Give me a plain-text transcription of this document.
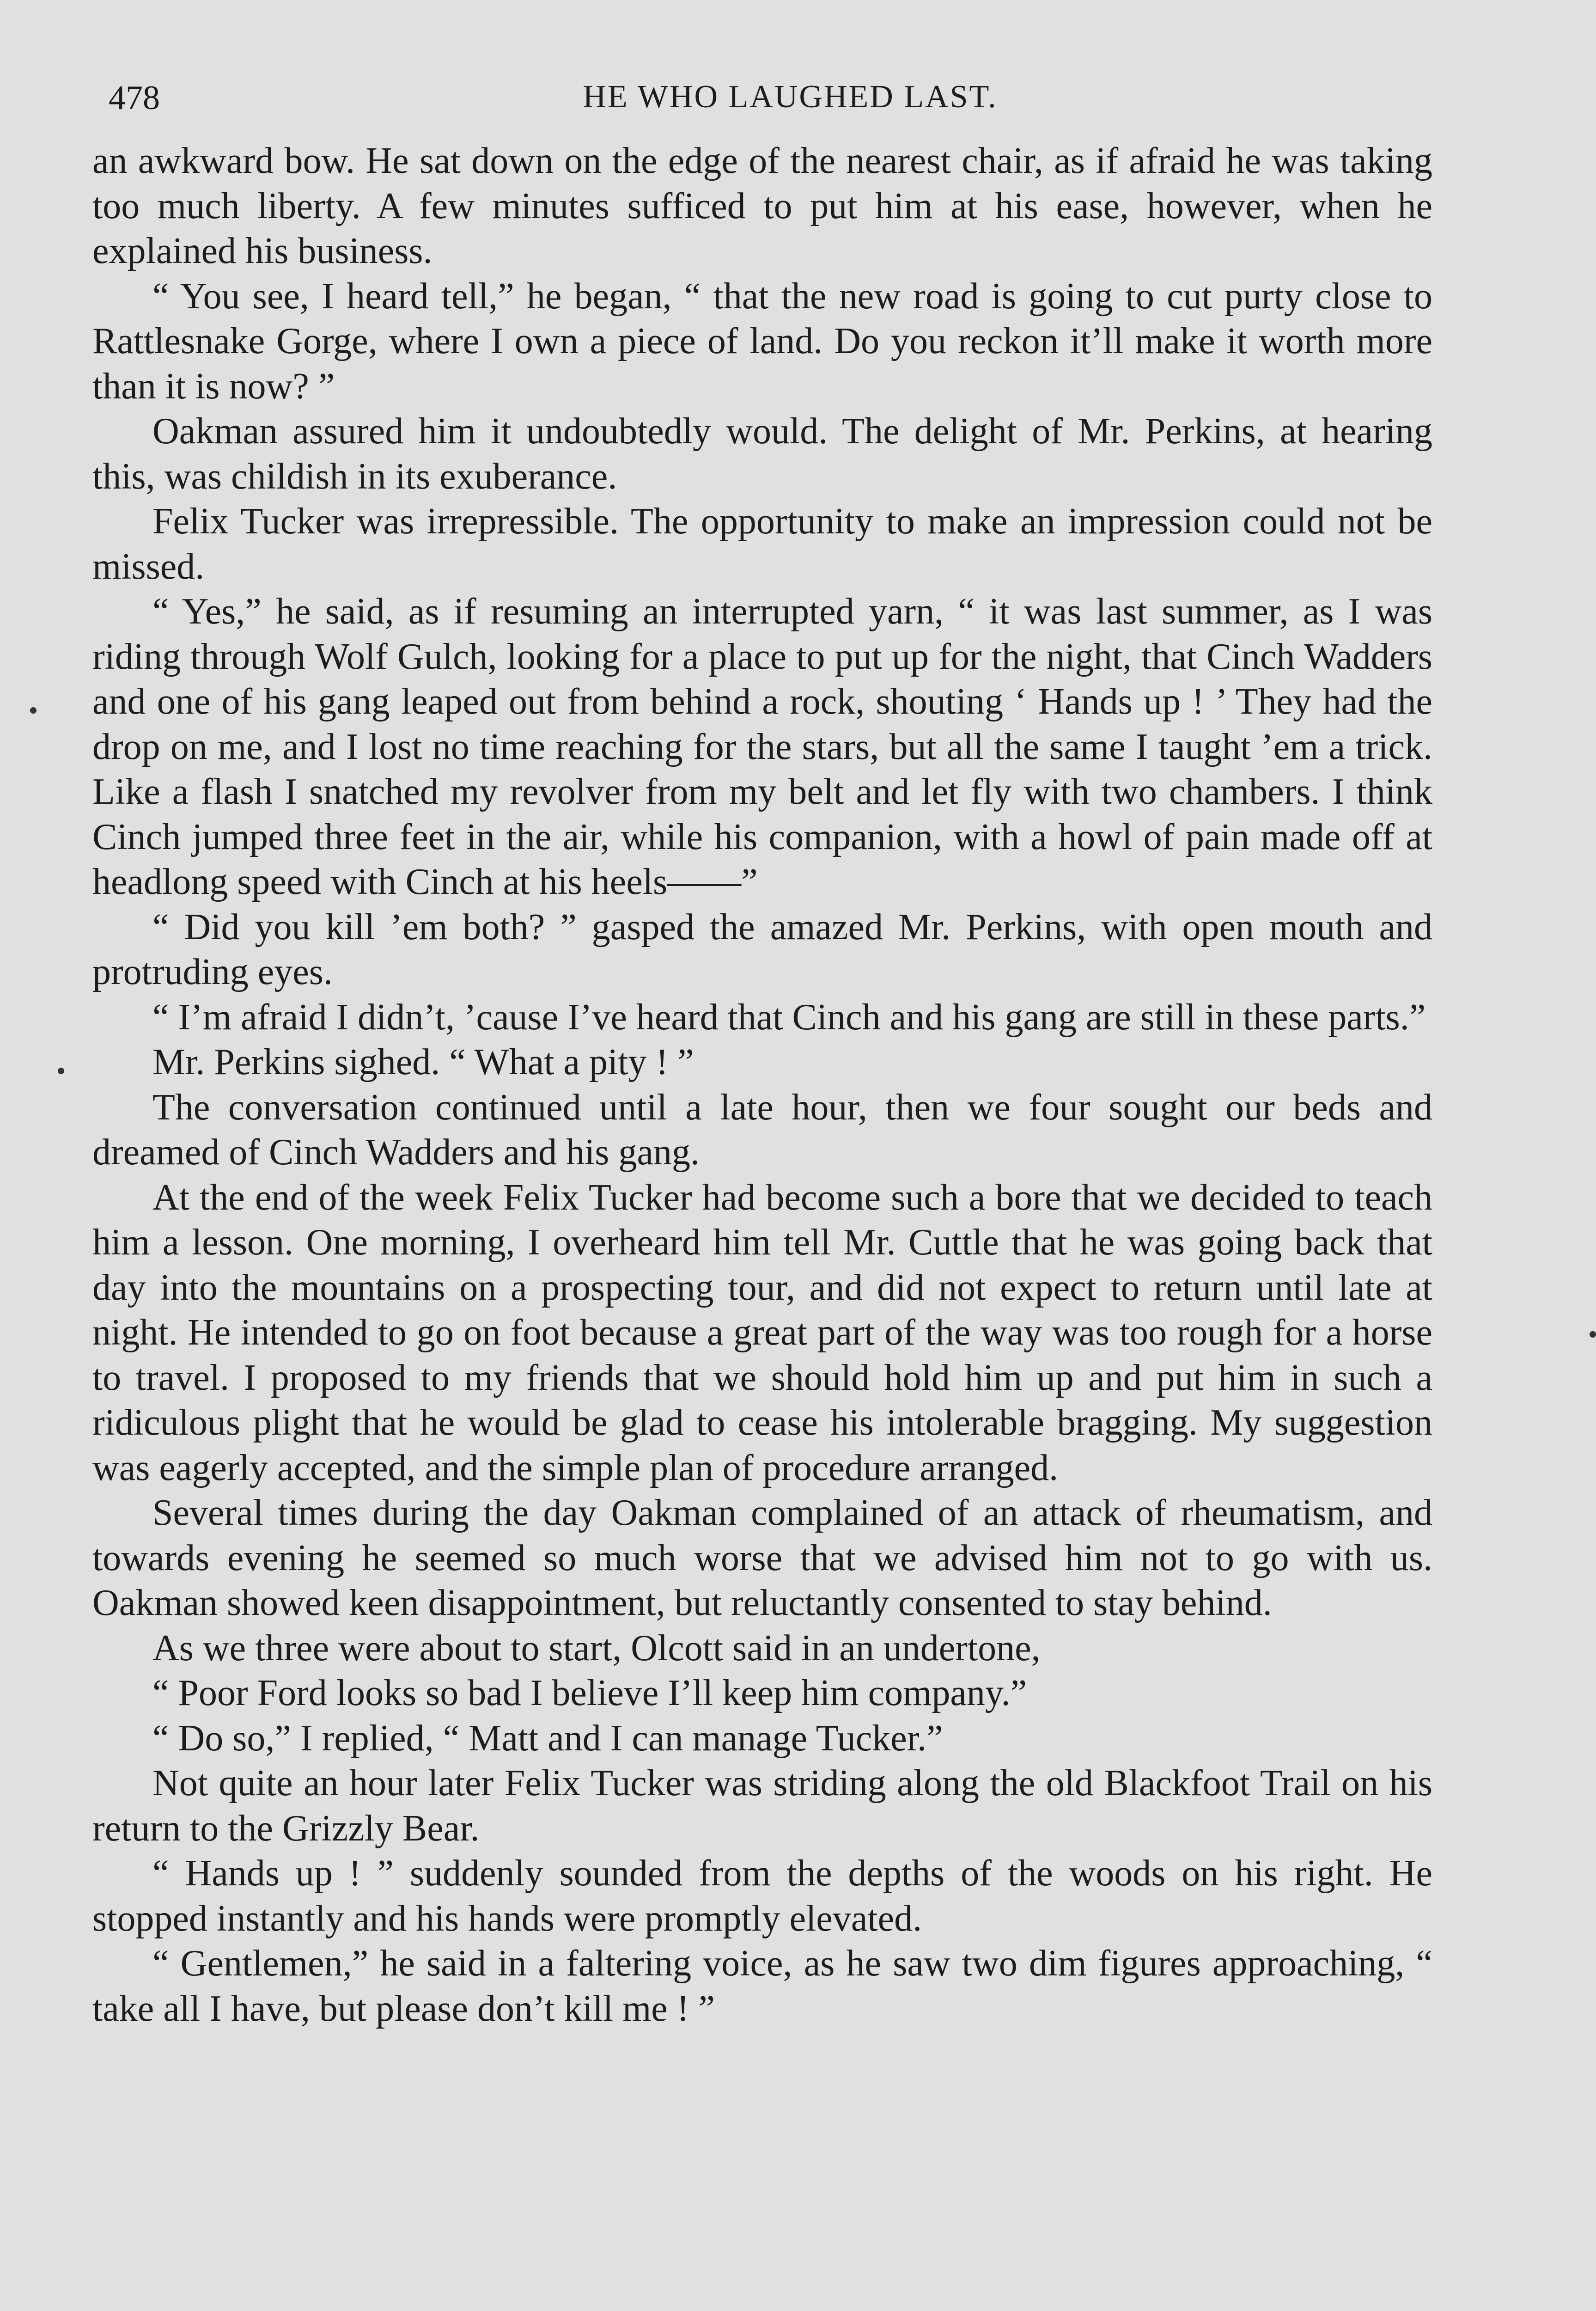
478	HE WHO LAUGHED LAST.

an awkward bow. He sat down on the edge of the nearest chair, as if afraid he was taking too much liberty. A few minutes sufficed to put him at his ease, however, when he explained his business.

“ You see, I heard tell,” he began, “ that the new road is going to cut purty close to Rattlesnake Gorge, where I own a piece of land. Do you reckon it’ll make it worth more than it is now? ”

Oakman assured him it undoubtedly would. The delight of Mr. Perkins, at hearing this, was childish in its exuberance.

Felix Tucker was irrepressible. The opportunity to make an impression could not be missed.

“ Yes,” he said, as if resuming an interrupted yarn, “ it was last summer, as I was riding through Wolf Gulch, looking for a place to put up for the night, that Cinch Wadders and one of his gang leaped out from behind a rock, shouting ‘ Hands up ! ’ They had the drop on me, and I lost no time reaching for the stars, but all the same I taught ’em a trick. Like a flash I snatched my revolver from my belt and let fly with two chambers. I think Cinch jumped three feet in the air, while his companion, with a howl of pain made off at headlong speed with Cinch at his heels——”

“ Did you kill ’em both? ” gasped the amazed Mr. Perkins, with open mouth and protruding eyes.

“ I’m afraid I didn’t, ’cause I’ve heard that Cinch and his gang are still in these parts.”

Mr. Perkins sighed. “ What a pity ! ”

The conversation continued until a late hour, then we four sought our beds and dreamed of Cinch Wadders and his gang.

At the end of the week Felix Tucker had become such a bore that we decided to teach him a lesson. One morning, I overheard him tell Mr. Cuttle that he was going back that day into the mountains on a prospecting tour, and did not expect to return until late at night. He intended to go on foot because a great part of the way was too rough for a horse to travel. I proposed to my friends that we should hold him up and put him in such a ridiculous plight that he would be glad to cease his intolerable bragging. My suggestion was eagerly accepted, and the simple plan of procedure arranged.

Several times during the day Oakman complained of an attack of rheumatism, and towards evening he seemed so much worse that we advised him not to go with us. Oakman showed keen disappointment, but reluctantly consented to stay behind.

As we three were about to start, Olcott said in an undertone,

“ Poor Ford looks so bad I believe I’ll keep him company.”

“ Do so,” I replied, “ Matt and I can manage Tucker.”

Not quite an hour later Felix Tucker was striding along the old Blackfoot Trail on his return to the Grizzly Bear.

“ Hands up ! ” suddenly sounded from the depths of the woods on his right. He stopped instantly and his hands were promptly elevated.

“ Gentlemen,” he said in a faltering voice, as he saw two dim figures approaching, “ take all I have, but please don’t kill me ! ”
